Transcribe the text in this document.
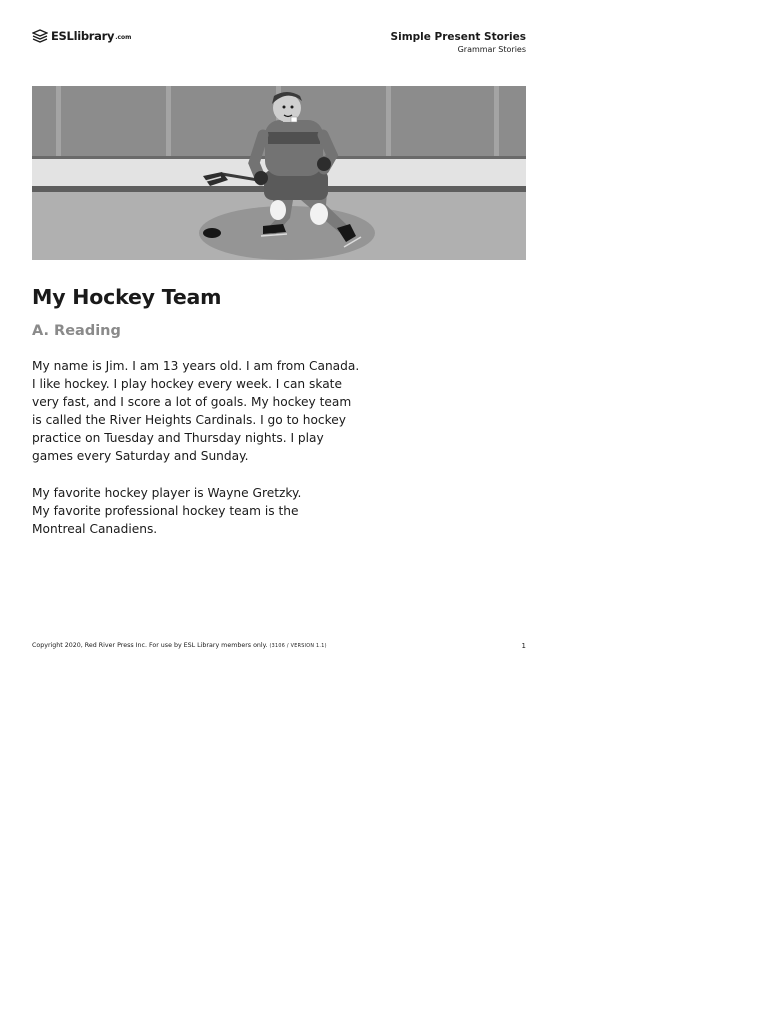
ESLlibrary .com	Simple Present Stories
Grammar Stories
My Hockey Team
A. Reading

My name is Jim. I am 13 years old. I am from Canada.
I like hockey. I play hockey every week. I can skate
very fast, and I score a lot of goals. My hockey team
is called the River Heights Cardinals. I go to hockey
practice on Tuesday and Thursday nights. I play
games every Saturday and Sunday.

My favorite hockey player is Wayne Gretzky.
My favorite professional hockey team is the
Montreal Canadiens.

Copyright 2020, Red River Press Inc. For use by ESL Library members only. (3106 / VERSION 1.1)	1
